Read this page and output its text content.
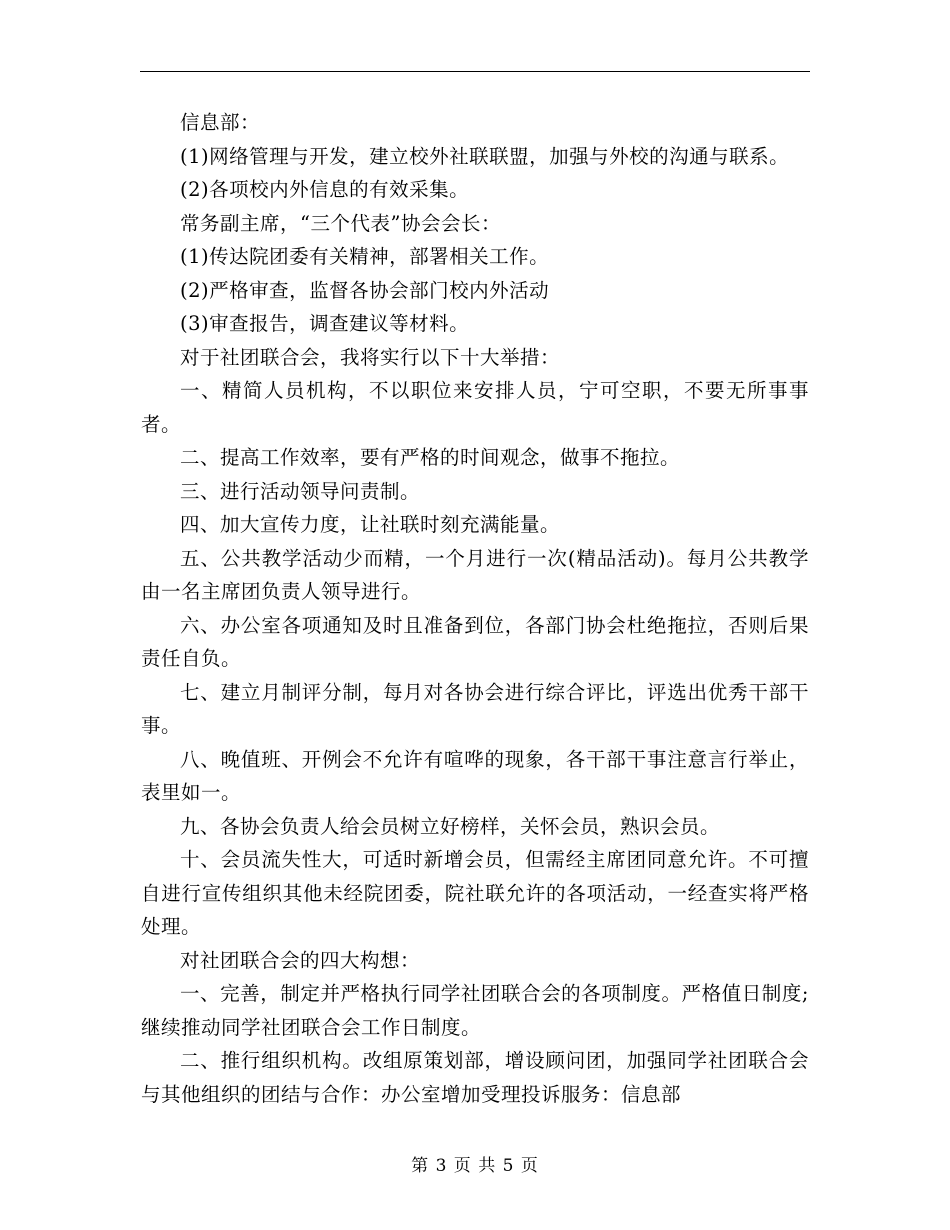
信息部：

(1)网络管理与开发，建立校外社联联盟，加强与外校的沟通与联系。

(2)各项校内外信息的有效采集。

常务副主席，“三个代表”协会会长：

(1)传达院团委有关精神，部署相关工作。

(2)严格审查，监督各协会部门校内外活动

(3)审查报告，调查建议等材料。

对于社团联合会，我将实行以下十大举措：

一、精简人员机构，不以职位来安排人员，宁可空职，不要无所事事者。

二、提高工作效率，要有严格的时间观念，做事不拖拉。

三、进行活动领导问责制。

四、加大宣传力度，让社联时刻充满能量。

五、公共教学活动少而精，一个月进行一次(精品活动)。每月公共教学由一名主席团负责人领导进行。

六、办公室各项通知及时且准备到位，各部门协会杜绝拖拉，否则后果责任自负。

七、建立月制评分制，每月对各协会进行综合评比，评选出优秀干部干事。

八、晚值班、开例会不允许有喧哗的现象，各干部干事注意言行举止，表里如一。

九、各协会负责人给会员树立好榜样，关怀会员，熟识会员。

十、会员流失性大，可适时新增会员，但需经主席团同意允许。不可擅自进行宣传组织其他未经院团委，院社联允许的各项活动，一经查实将严格处理。

对社团联合会的四大构想：

一、完善，制定并严格执行同学社团联合会的各项制度。严格值日制度;继续推动同学社团联合会工作日制度。

二、推行组织机构。改组原策划部，增设顾问团，加强同学社团联合会与其他组织的团结与合作：办公室增加受理投诉服务：信息部

第 3 页 共 5 页
